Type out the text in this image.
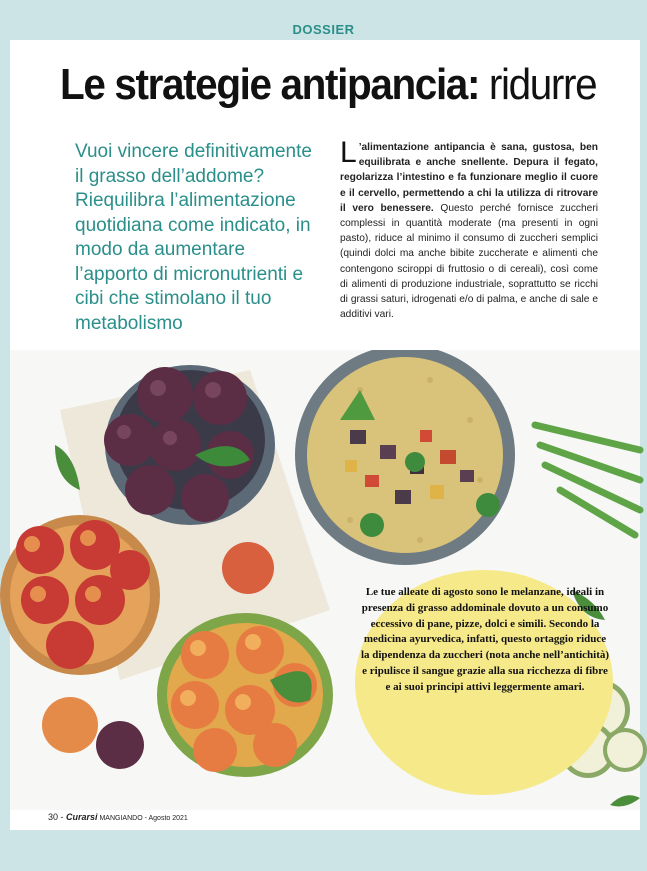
DOSSIER
Le strategie antipancia: ridurre
Vuoi vincere definitivamente il grasso dell’addome? Riequilibra l’alimentazione quotidiana come indicato, in modo da aumentare l’apporto di micronutrienti e cibi che stimolano il tuo metabolismo
L ’alimentazione antipancia è sana, gustosa, ben equilibrata e anche snellente. Depura il fegato, regolarizza l’intestino e fa funzionare meglio il cuore e il cervello, permettendo a chi la utilizza di ritrovare il vero benessere. Questo perché fornisce zuccheri complessi in quantità moderate (ma presenti in ogni pasto), riduce al minimo il consumo di zuccheri semplici (quindi dolci ma anche bibite zuccherate e alimenti che contengono sciroppi di fruttosio o di cereali), così come di alimenti di produzione industriale, soprattutto se ricchi di grassi saturi, idrogenati e/o di palma, e anche di sale e additivi vari.
Le tue alleate di agosto sono le melanzane, ideali in presenza di grasso addominale dovuto a un consumo eccessivo di pane, pizze, dolci e simili. Secondo la medicina ayurvedica, infatti, questo ortaggio riduce la dipendenza da zuccheri (nota anche nell’antichità) e ripulisce il sangue grazie alla sua ricchezza di fibre e ai suoi principi attivi leggermente amari.
30 - Curarsi MANGIANDO - Agosto 2021
